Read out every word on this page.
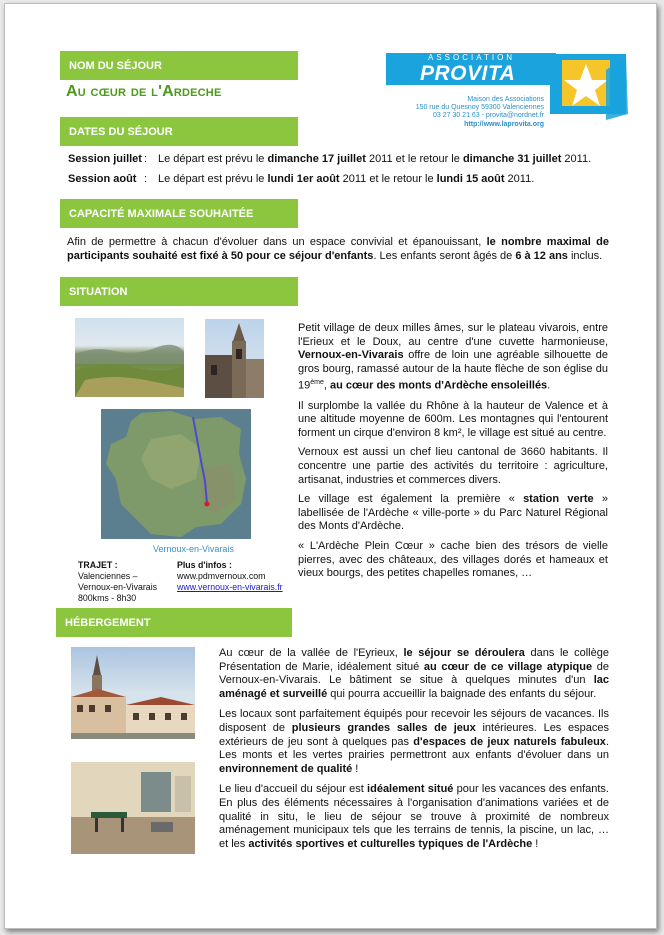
NOM DU SÉJOUR
Au cœur de l'Ardeche
ASSOCIATION
PROVITA
Maison des Associations
150 rue du Quesnoy 59300 Valenciennes
03 27 30 21 63 - provita@nordnet.fr
http://www.laprovita.org
DATES DU SÉJOUR
Session juillet : Le départ est prévu le dimanche 17 juillet 2011 et le retour le dimanche 31 juillet 2011.
Session août : Le départ est prévu le lundi 1er août 2011 et le retour le lundi 15 août 2011.
CAPACITÉ MAXIMALE SOUHAITÉE
Afin de permettre à chacun d'évoluer dans un espace convivial et épanouissant, le nombre maximal de participants souhaité est fixé à 50 pour ce séjour d'enfants. Les enfants seront âgés de 6 à 12 ans inclus.
SITUATION
Vernoux-en-Vivarais
TRAJET :
Valenciennes –
Vernoux-en-Vivarais
800kms - 8h30
Plus d'infos :
www.pdmvernoux.com
www.vernoux-en-vivarais.fr

Petit village de deux milles âmes, sur le plateau vivarois, entre l'Erieux et le Doux, au centre d'une cuvette harmonieuse, Vernoux-en-Vivarais offre de loin une agréable silhouette de gros bourg, ramassé autour de la haute flèche de son église du 19ème, au cœur des monts d'Ardèche ensoleillés.

Il surplombe la vallée du Rhône à la hauteur de Valence et à une altitude moyenne de 600m. Les montagnes qui l'entourent forment un cirque d'environ 8 km², le village est situé au centre.

Vernoux est aussi un chef lieu cantonal de 3660 habitants. Il concentre une partie des activités du territoire : agriculture, artisanat, industries et commerces divers.

Le village est également la première « station verte » labellisée de l'Ardèche « ville-porte » du Parc Naturel Régional des Monts d'Ardèche.

« L'Ardèche Plein Cœur » cache bien des trésors de vielle pierres, avec des châteaux, des villages dorés et hameaux et vieux bourgs, des petites chapelles romanes, …

HÉBERGEMENT

Au cœur de la vallée de l'Eyrieux, le séjour se déroulera dans le collège Présentation de Marie, idéalement situé au cœur de ce village atypique de Vernoux-en-Vivarais. Le bâtiment se situe à quelques minutes d'un lac aménagé et surveillé qui pourra accueillir la baignade des enfants du séjour.

Les locaux sont parfaitement équipés pour recevoir les séjours de vacances. Ils disposent de plusieurs grandes salles de jeux intérieures. Les espaces extérieurs de jeu sont à quelques pas d'espaces de jeux naturels fabuleux. Les monts et les vertes prairies permettront aux enfants d'évoluer dans un environnement de qualité !

Le lieu d'accueil du séjour est idéalement situé pour les vacances des enfants. En plus des éléments nécessaires à l'organisation d'animations variées et de qualité in situ, le lieu de séjour se trouve à proximité de nombreux aménagement municipaux tels que les terrains de tennis, la piscine, un lac, … et les activités sportives et culturelles typiques de l'Ardèche !
